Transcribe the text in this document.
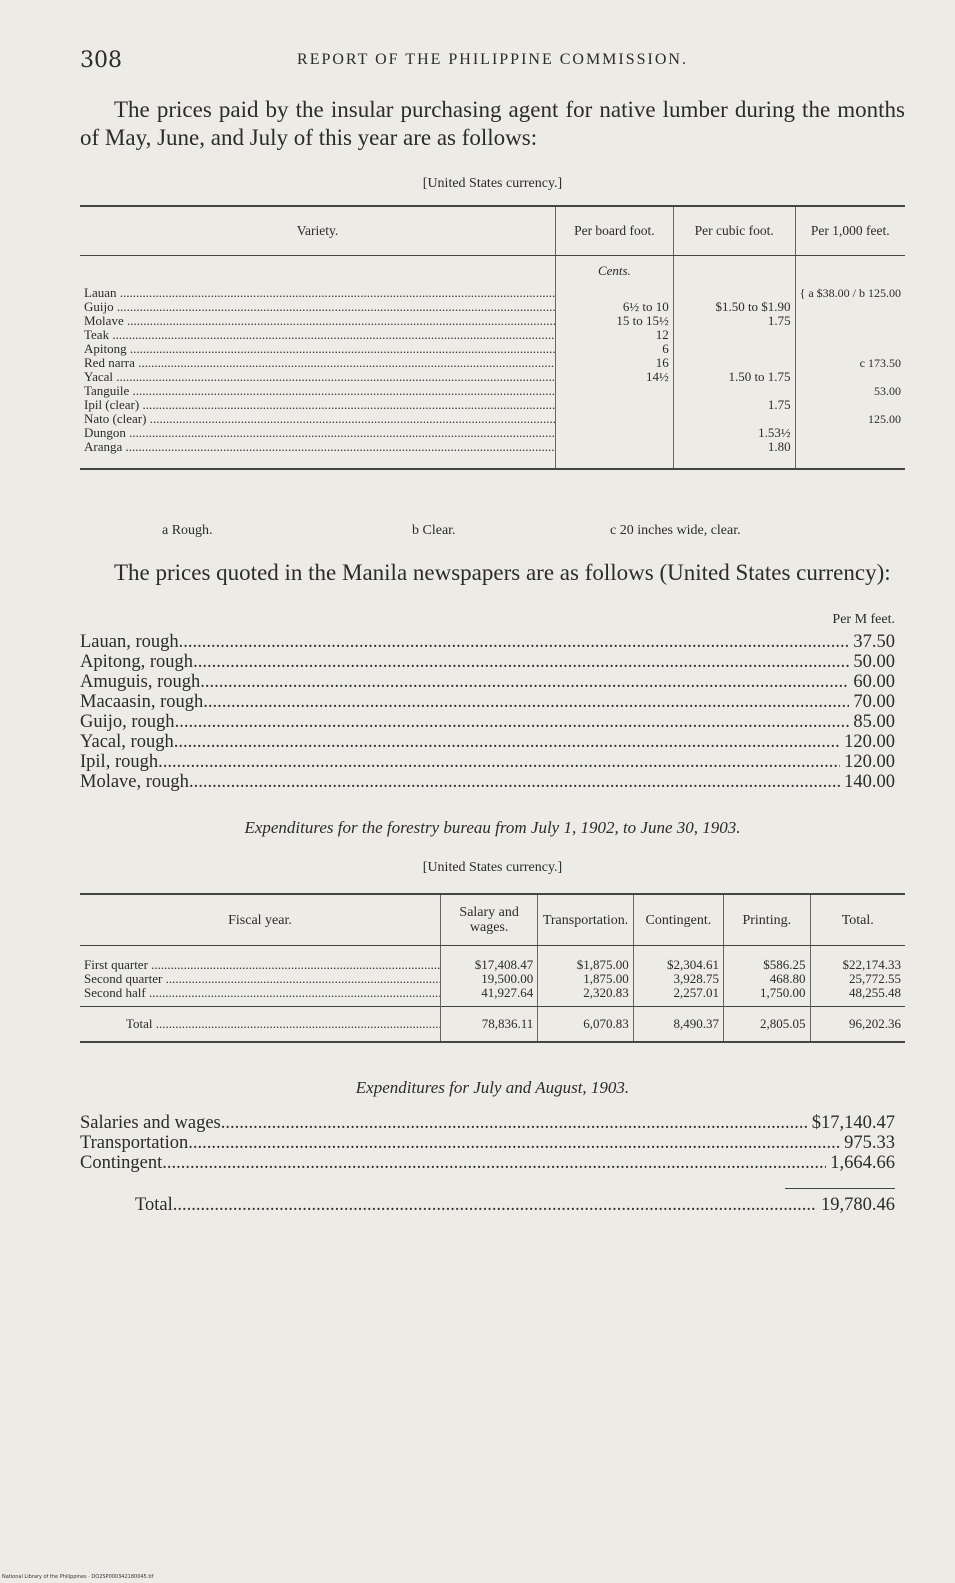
308	REPORT OF THE PHILIPPINE COMMISSION.
The prices paid by the insular purchasing agent for native lumber during the months of May, June, and July of this year are as follows:
[United States currency.]
Variety.	Per board foot.	Per cubic foot.	Per 1,000 feet.
	Cents.		
Lauan .....			{ a $38.00 / b 125.00
Guijo .....	6½ to 10	$1.50 to $1.90	
Molave .....	15 to 15½	1.75	
Teak .....	12		
Apitong .....	6		
Red narra .....	16		c 173.50
Yacal .....	14½	1.50 to 1.75	
Tanguile .....			53.00
Ipil (clear) .....		1.75	
Nato (clear) .....			125.00
Dungon .....		1.53½	
Aranga .....		1.80	

a Rough.	b Clear.	c 20 inches wide, clear.
The prices quoted in the Manila newspapers are as follows (United States currency):
Per M feet.
Lauan, rough .....	37.50
Apitong, rough .....	50.00
Amuguis, rough .....	60.00
Macaasin, rough .....	70.00
Guijo, rough .....	85.00
Yacal, rough .....	120.00
Ipil, rough .....	120.00
Molave, rough .....	140.00
Expenditures for the forestry bureau from July 1, 1902, to June 30, 1903.
[United States currency.]
Fiscal year.	Salary and wages.	Transportation.	Contingent.	Printing.	Total.

First quarter .....	$17,408.47	$1,875.00	$2,304.61	$586.25	$22,174.33
Second quarter .....	19,500.00	1,875.00	3,928.75	468.80	25,772.55
Second half .....	41,927.64	2,320.83	2,257.01	1,750.00	48,255.48

Total .....	78,836.11	6,070.83	8,490.37	2,805.05	96,202.36
Expenditures for July and August, 1903.
Salaries and wages .....	$17,140.47
Transportation .....	975.33
Contingent .....	1,664.66
Total .....	19,780.46
National Library of the Philippines · DO2SP000342180045.tif
